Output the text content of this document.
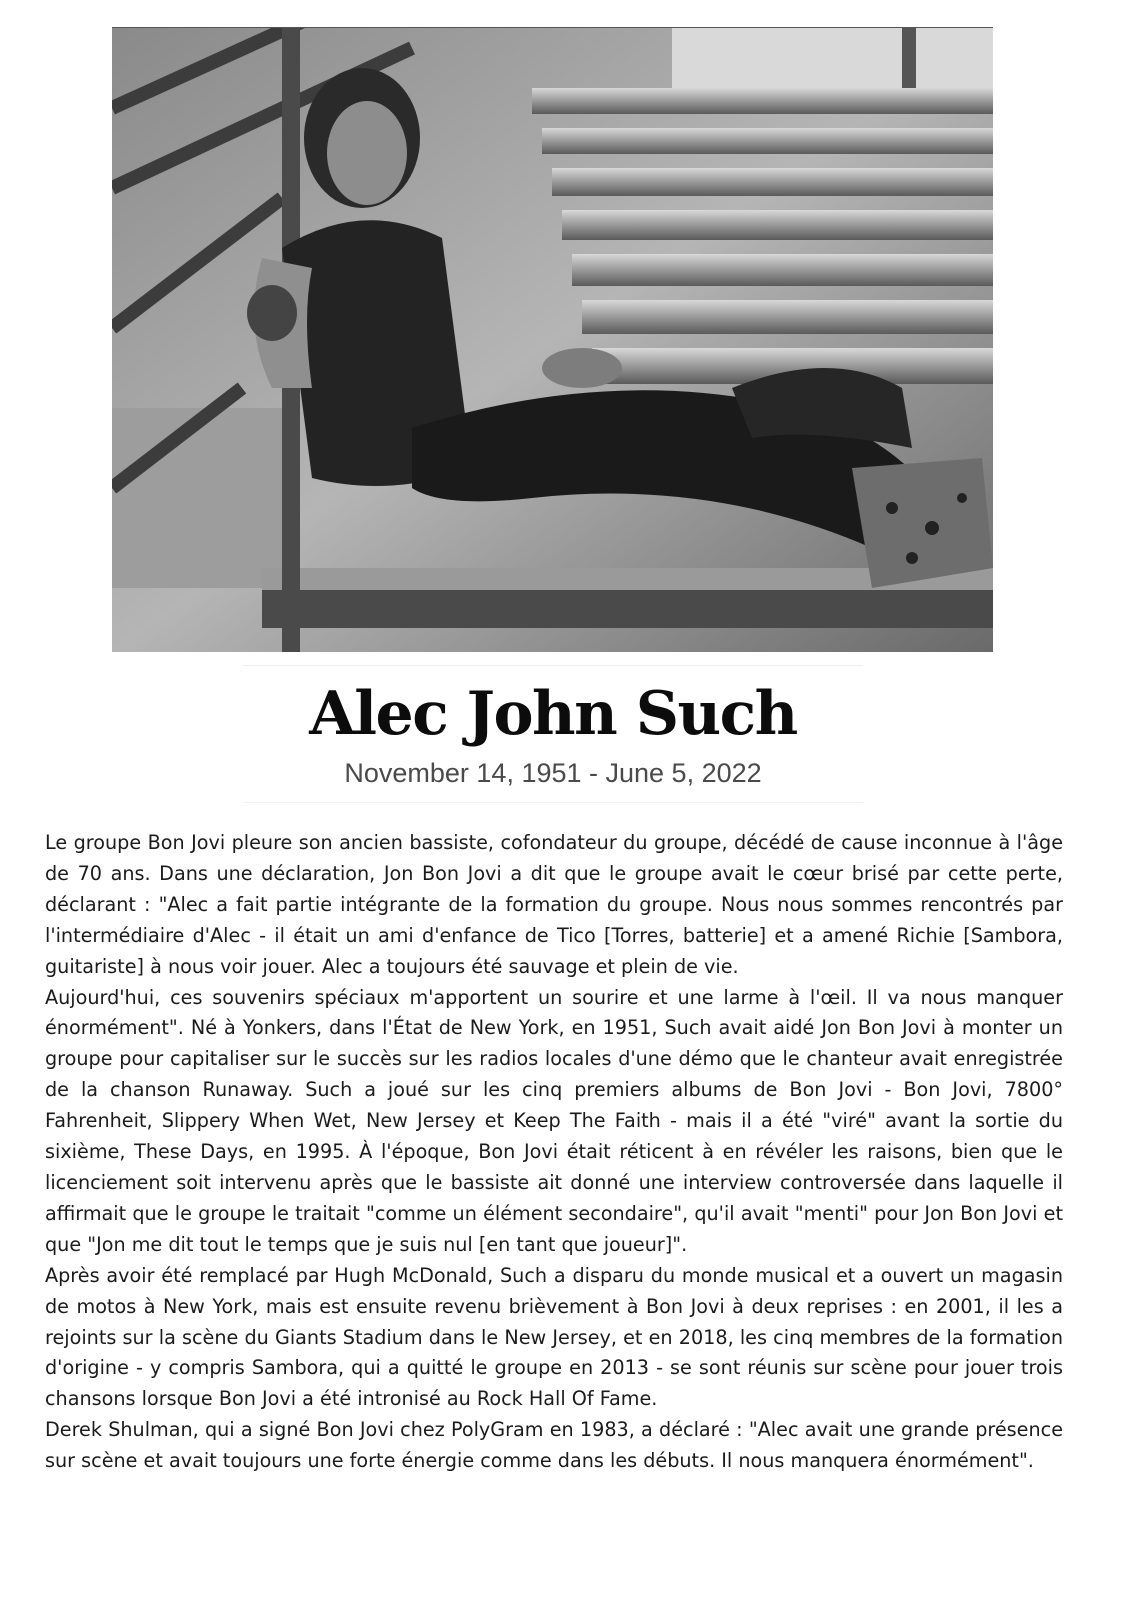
Alec John Such
November 14, 1951 - June 5, 2022

Le groupe Bon Jovi pleure son ancien bassiste, cofondateur du groupe, décédé de cause inconnue à l'âge de 70 ans. Dans une déclaration, Jon Bon Jovi a dit que le groupe avait le cœur brisé par cette perte, déclarant : "Alec a fait partie intégrante de la formation du groupe. Nous nous sommes rencontrés par l'intermédiaire d'Alec - il était un ami d'enfance de Tico [Torres, batterie] et a amené Richie [Sambora, guitariste] à nous voir jouer. Alec a toujours été sauvage et plein de vie.

Aujourd'hui, ces souvenirs spéciaux m'apportent un sourire et une larme à l'œil. Il va nous manquer énormément". Né à Yonkers, dans l'État de New York, en 1951, Such avait aidé Jon Bon Jovi à monter un groupe pour capitaliser sur le succès sur les radios locales d'une démo que le chanteur avait enregistrée de la chanson Runaway. Such a joué sur les cinq premiers albums de Bon Jovi - Bon Jovi, 7800° Fahrenheit, Slippery When Wet, New Jersey et Keep The Faith - mais il a été "viré" avant la sortie du sixième, These Days, en 1995. À l'époque, Bon Jovi était réticent à en révéler les raisons, bien que le licenciement soit intervenu après que le bassiste ait donné une interview controversée dans laquelle il affirmait que le groupe le traitait "comme un élément secondaire", qu'il avait "menti" pour Jon Bon Jovi et que "Jon me dit tout le temps que je suis nul [en tant que joueur]".

Après avoir été remplacé par Hugh McDonald, Such a disparu du monde musical et a ouvert un magasin de motos à New York, mais est ensuite revenu brièvement à Bon Jovi à deux reprises : en 2001, il les a rejoints sur la scène du Giants Stadium dans le New Jersey, et en 2018, les cinq membres de la formation d'origine - y compris Sambora, qui a quitté le groupe en 2013 - se sont réunis sur scène pour jouer trois chansons lorsque Bon Jovi a été intronisé au Rock Hall Of Fame.

Derek Shulman, qui a signé Bon Jovi chez PolyGram en 1983, a déclaré : "Alec avait une grande présence sur scène et avait toujours une forte énergie comme dans les débuts. Il nous manquera énormément".
